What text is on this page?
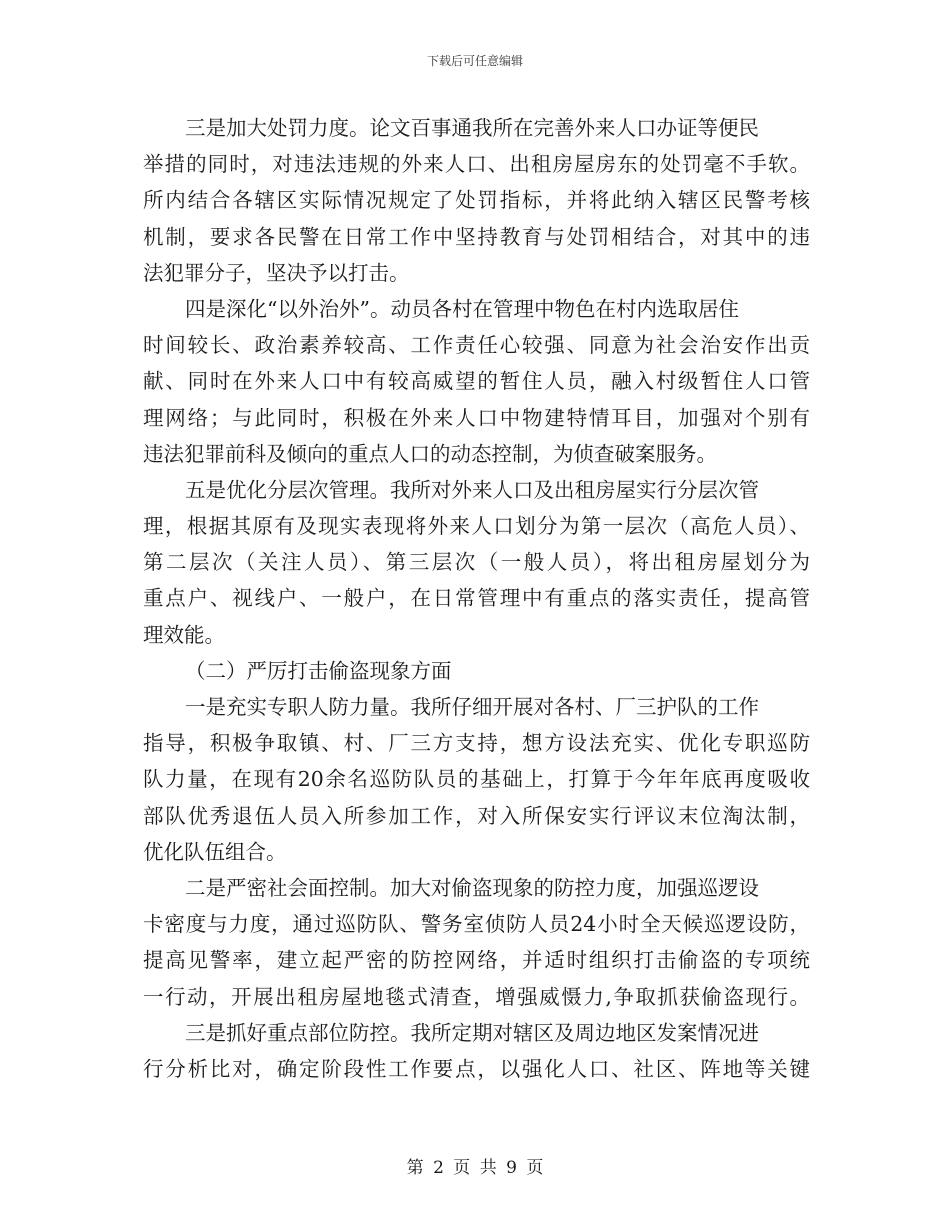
下载后可任意编辑
三是加大处罚力度。论文百事通我所在完善外来人口办证等便民
举措的同时，对违法违规的外来人口、出租房屋房东的处罚毫不手软。
所内结合各辖区实际情况规定了处罚指标，并将此纳入辖区民警考核
机制，要求各民警在日常工作中坚持教育与处罚相结合，对其中的违
法犯罪分子，坚决予以打击。
四是深化“以外治外”。动员各村在管理中物色在村内选取居住
时间较长、政治素养较高、工作责任心较强、同意为社会治安作出贡
献、同时在外来人口中有较高威望的暂住人员，融入村级暂住人口管
理网络；与此同时，积极在外来人口中物建特情耳目，加强对个别有
违法犯罪前科及倾向的重点人口的动态控制，为侦查破案服务。
五是优化分层次管理。我所对外来人口及出租房屋实行分层次管
理，根据其原有及现实表现将外来人口划分为第一层次（高危人员）、
第二层次（关注人员）、第三层次（一般人员），将出租房屋划分为
重点户、视线户、一般户，在日常管理中有重点的落实责任，提高管
理效能。
（二）严厉打击偷盗现象方面
一是充实专职人防力量。我所仔细开展对各村、厂三护队的工作
指导，积极争取镇、村、厂三方支持，想方设法充实、优化专职巡防
队力量，在现有20余名巡防队员的基础上，打算于今年年底再度吸收
部队优秀退伍人员入所参加工作，对入所保安实行评议末位淘汰制，
优化队伍组合。
二是严密社会面控制。加大对偷盗现象的防控力度，加强巡逻设
卡密度与力度，通过巡防队、警务室侦防人员24小时全天候巡逻设防，
提高见警率，建立起严密的防控网络，并适时组织打击偷盗的专项统
一行动，开展出租房屋地毯式清查，增强威慑力,争取抓获偷盗现行。
三是抓好重点部位防控。我所定期对辖区及周边地区发案情况进
行分析比对，确定阶段性工作要点，以强化人口、社区、阵地等关键
第 2 页 共 9 页
